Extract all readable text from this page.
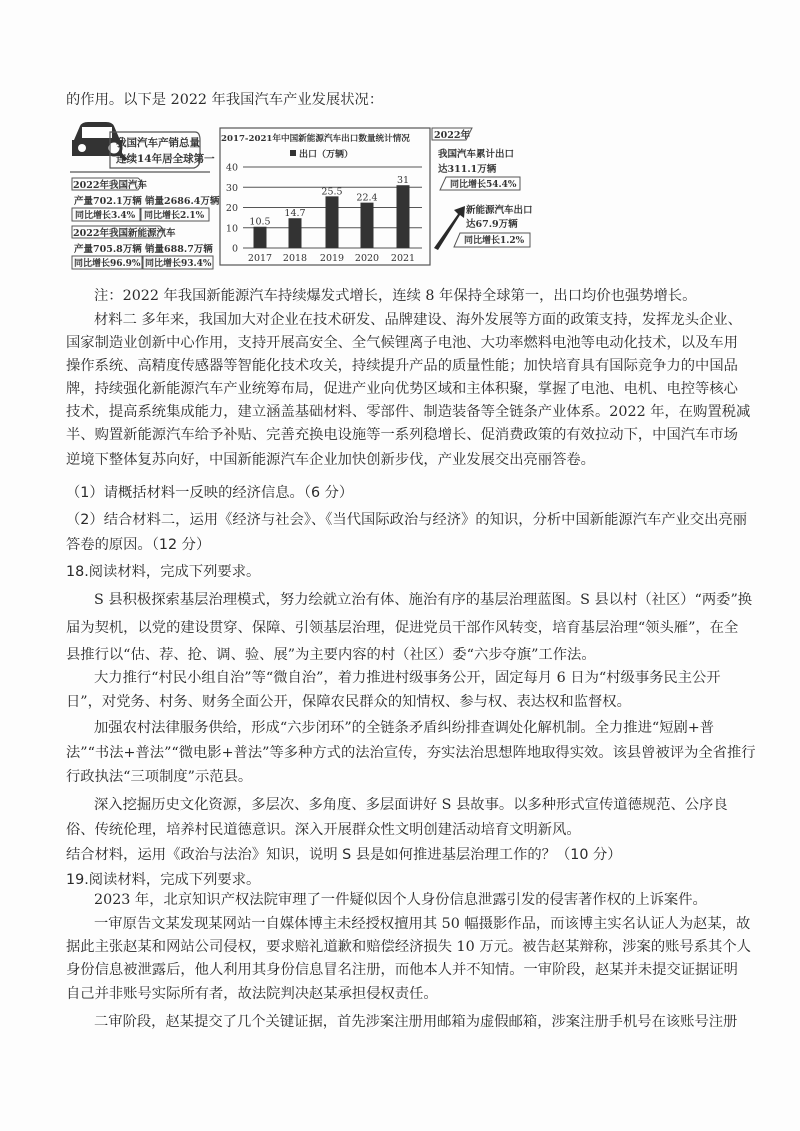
的作用。以下是 2022 年我国汽车产业发展状况：
我国汽车产销总量
连续14年居全球第一
2022年我国汽车
产量702.1万辆 销量2686.4万辆
同比增长3.4% 同比增长2.1%
2022年我国新能源汽车
产量705.8万辆 销量688.7万辆
同比增长96.9% 同比增长93.4%
2017-2021年中国新能源汽车出口数量统计情况
出口（万辆）
0
10
20
30
40
10.5
2017
14.7
2018
25.5
2019
22.4
2020
31
2021
2022年
我国汽车累计出口
达311.1万辆
同比增长54.4%
新能源汽车出口
达67.9万辆
同比增长1.2%
注：2022 年我国新能源汽车持续爆发式增长，连续 8 年保持全球第一，出口均价也强势增长。
材料二 多年来，我国加大对企业在技术研发、品牌建设、海外发展等方面的政策支持，发挥龙头企业、
国家制造业创新中心作用，支持开展高安全、全气候锂离子电池、大功率燃料电池等电动化技术，以及车用
操作系统、高精度传感器等智能化技术攻关，持续提升产品的质量性能；加快培育具有国际竞争力的中国品
牌，持续强化新能源汽车产业统筹布局，促进产业向优势区域和主体积聚，掌握了电池、电机、电控等核心
技术，提高系统集成能力，建立涵盖基础材料、零部件、制造装备等全链条产业体系。2022 年，在购置税减
半、购置新能源汽车给予补贴、完善充换电设施等一系列稳增长、促消费政策的有效拉动下，中国汽车市场
逆境下整体复苏向好，中国新能源汽车企业加快创新步伐，产业发展交出亮丽答卷。
（1）请概括材料一反映的经济信息。（6 分）
（2）结合材料二，运用《经济与社会》、《当代国际政治与经济》的知识，分析中国新能源汽车产业交出亮丽
答卷的原因。（12 分）
18.阅读材料，完成下列要求。
S 县积极探索基层治理模式，努力绘就立治有体、施治有序的基层治理蓝图。S 县以村（社区）“两委”换
届为契机，以党的建设贯穿、保障、引领基层治理，促进党员干部作风转变，培育基层治理“领头雁”，在全
县推行以“估、荐、抢、调、验、展”为主要内容的村（社区）委“六步夺旗”工作法。
大力推行“村民小组自治”等“微自治”，着力推进村级事务公开，固定每月 6 日为“村级事务民主公开
日”，对党务、村务、财务全面公开，保障农民群众的知情权、参与权、表达权和监督权。
加强农村法律服务供给，形成“六步闭环”的全链条矛盾纠纷排查调处化解机制。全力推进“短剧+普
法”“书法+普法”“微电影+普法”等多种方式的法治宣传，夯实法治思想阵地取得实效。该县曾被评为全省推行
行政执法“三项制度”示范县。
深入挖掘历史文化资源，多层次、多角度、多层面讲好 S 县故事。以多种形式宣传道德规范、公序良
俗、传统伦理，培养村民道德意识。深入开展群众性文明创建活动培育文明新风。
结合材料，运用《政治与法治》知识，说明 S 县是如何推进基层治理工作的？（10 分）
19.阅读材料，完成下列要求。
2023 年，北京知识产权法院审理了一件疑似因个人身份信息泄露引发的侵害著作权的上诉案件。
一审原告文某发现某网站一自媒体博主未经授权擅用其 50 幅摄影作品，而该博主实名认证人为赵某，故
据此主张赵某和网站公司侵权，要求赔礼道歉和赔偿经济损失 10 万元。被告赵某辩称，涉案的账号系其个人
身份信息被泄露后，他人利用其身份信息冒名注册，而他本人并不知情。一审阶段，赵某并未提交证据证明
自己并非账号实际所有者，故法院判决赵某承担侵权责任。
二审阶段，赵某提交了几个关键证据，首先涉案注册用邮箱为虚假邮箱，涉案注册手机号在该账号注册
